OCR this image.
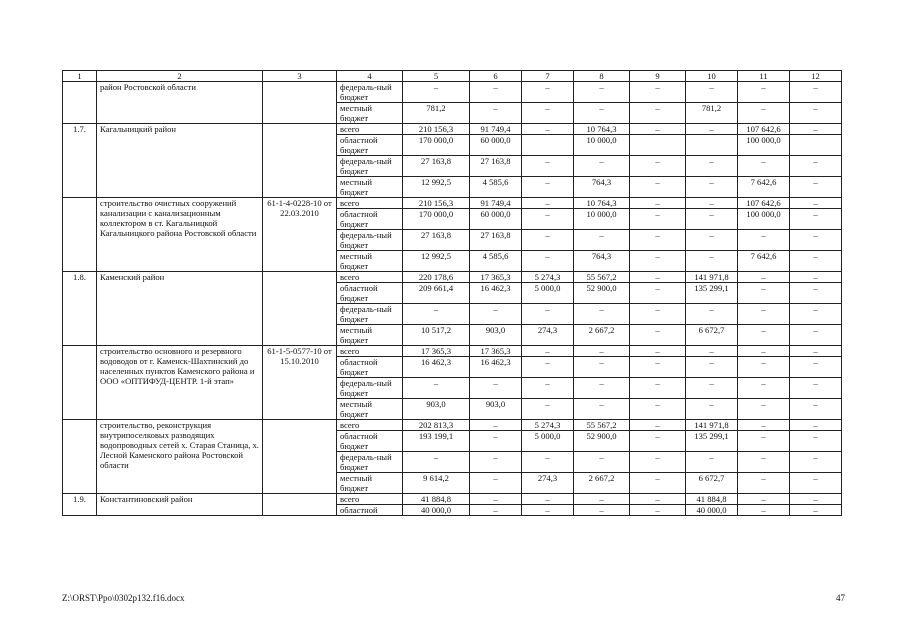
1	2	3	4	5	6	7	8	9	10	11	12
	район Ростовской области		федераль-ный бюджет	–	–	–	–	–	–	–	–
			местный бюджет	781,2	–	–	–	–	781,2	–	–
1.7.	Кагальницкий район		всего	210 156,3	91 749,4	–	10 764,3	–	–	107 642,6	–
			областной бюджет	170 000,0	60 000,0		10 000,0			100 000,0	
			федераль-ный бюджет	27 163,8	27 163,8	–	–	–	–	–	–
			местный бюджет	12 992,5	4 585,6	–	764,3	–	–	7 642,6	–
	строительство очистных сооружений канализации с канализационным коллектором в ст. Кагальницкой Кагальницкого района Ростовской области	61-1-4-0228-10 от 22.03.2010	всего	210 156,3	91 749,4	–	10 764,3	–	–	107 642,6	–
			областной бюджет	170 000,0	60 000,0	–	10 000,0	–	–	100 000,0	–
			федераль-ный бюджет	27 163,8	27 163,8	–	–	–	–	–	–
			местный бюджет	12 992,5	4 585,6	–	764,3	–	–	7 642,6	–
1.8.	Каменский район		всего	220 178,6	17 365,3	5 274,3	55 567,2	–	141 971,8	–	–
			областной бюджет	209 661,4	16 462,3	5 000,0	52 900,0	–	135 299,1	–	–
			федераль-ный бюджет	–	–	–	–	–	–	–	–
			местный бюджет	10 517,2	903,0	274,3	2 667,2	–	6 672,7	–	–
	строительство основного и резервного водоводов от г. Каменск-Шахтинский до населенных пунктов Каменского района и ООО «ОПТИФУД-ЦЕНТР. 1-й этап»	61-1-5-0577-10 от 15.10.2010	всего	17 365,3	17 365,3	–	–	–	–	–	–
			областной бюджет	16 462,3	16 462,3	–	–	–	–	–	–
			федераль-ный бюджет	–	–	–	–	–	–	–	–
			местный бюджет	903,0	903,0	–	–	–	–	–	–
	строительство, реконструкция внутрипоселковых разводящих водопроводных сетей х. Старая Станица, х. Лесной Каменского района Ростовской области		всего	202 813,3	–	5 274,3	55 567,2	–	141 971,8	–	–
			областной бюджет	193 199,1	–	5 000,0	52 900,0	–	135 299,1	–	–
			федераль-ный бюджет	–	–	–	–	–	–	–	–
			местный бюджет	9 614,2	–	274,3	2 667,2	–	6 672,7	–	–
1.9.	Константиновский район		всего	41 884,8	–	–	–	–	41 884,8	–	–
			областной	40 000,0	–	–	–	–	40 000,0	–	–
Z:\ORST\Ppo\0302p132.f16.docx	47
